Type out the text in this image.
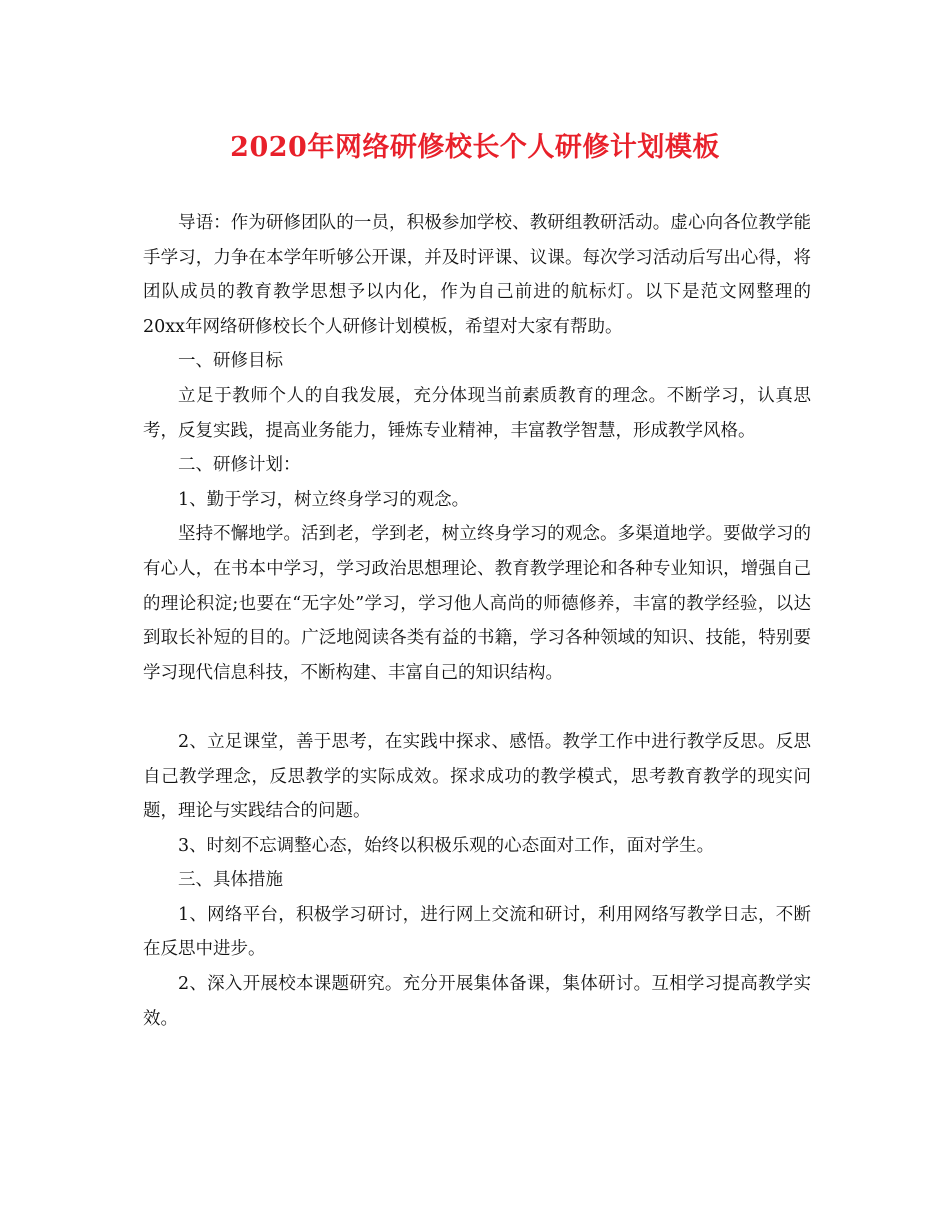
2020年网络研修校长个人研修计划模板

导语：作为研修团队的一员，积极参加学校、教研组教研活动。虚心向各位教学能手学习，力争在本学年听够公开课，并及时评课、议课。每次学习活动后写出心得，将团队成员的教育教学思想予以内化，作为自己前进的航标灯。以下是范文网整理的20xx年网络研修校长个人研修计划模板，希望对大家有帮助。

一、研修目标

立足于教师个人的自我发展，充分体现当前素质教育的理念。不断学习，认真思考，反复实践，提高业务能力，锤炼专业精神，丰富教学智慧，形成教学风格。

二、研修计划：

1、勤于学习，树立终身学习的观念。

坚持不懈地学。活到老，学到老，树立终身学习的观念。多渠道地学。要做学习的有心人，在书本中学习，学习政治思想理论、教育教学理论和各种专业知识，增强自己的理论积淀;也要在“无字处”学习，学习他人高尚的师德修养，丰富的教学经验，以达到取长补短的目的。广泛地阅读各类有益的书籍，学习各种领域的知识、技能，特别要学习现代信息科技，不断构建、丰富自己的知识结构。

2、立足课堂，善于思考，在实践中探求、感悟。教学工作中进行教学反思。反思自己教学理念，反思教学的实际成效。探求成功的教学模式，思考教育教学的现实问题，理论与实践结合的问题。

3、时刻不忘调整心态，始终以积极乐观的心态面对工作，面对学生。

三、具体措施

1、网络平台，积极学习研讨，进行网上交流和研讨，利用网络写教学日志，不断在反思中进步。

2、深入开展校本课题研究。充分开展集体备课，集体研讨。互相学习提高教学实效。
